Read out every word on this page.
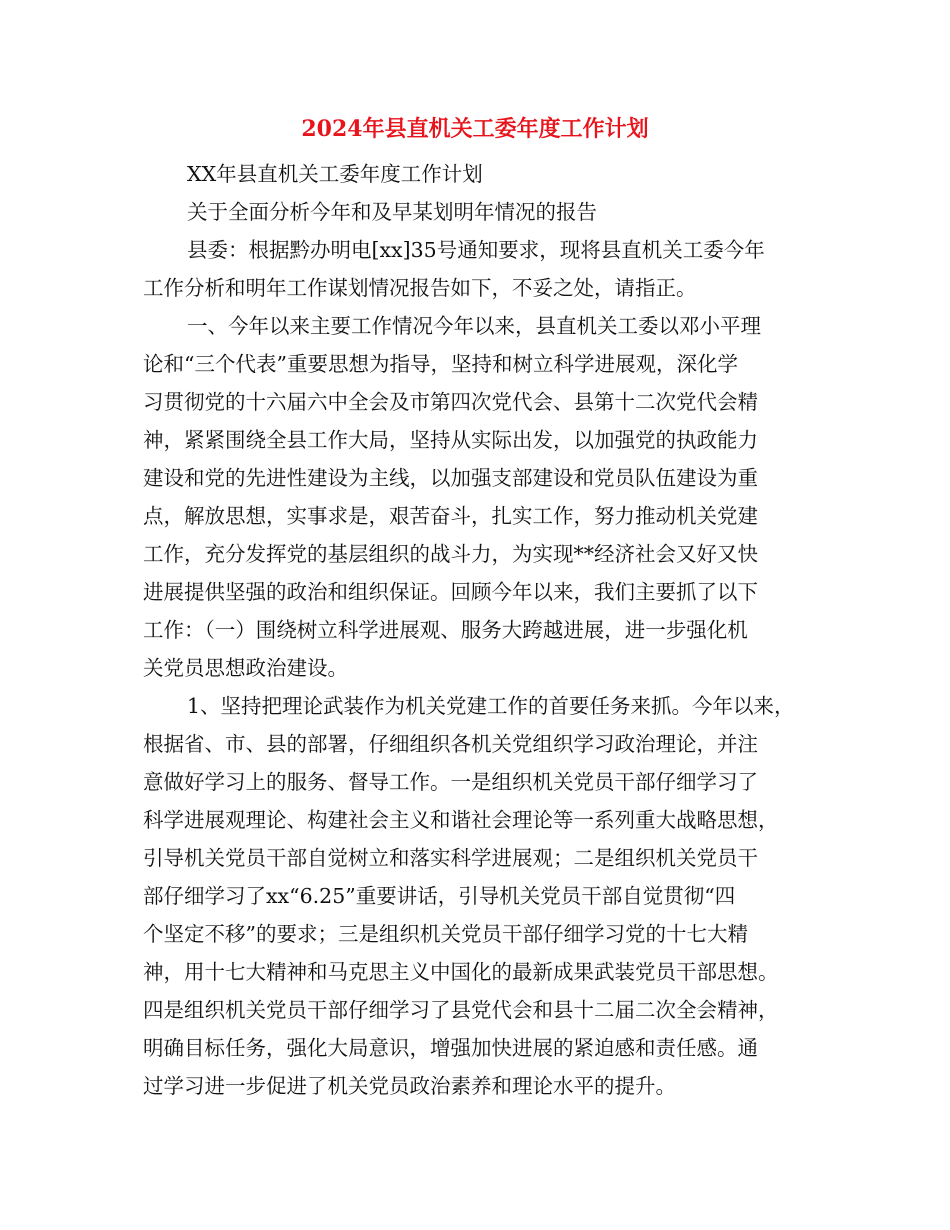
2024年县直机关工委年度工作计划

XX年县直机关工委年度工作计划

关于全面分析今年和及早某划明年情况的报告

县委：根据黔办明电[xx]35号通知要求，现将县直机关工委今年

工作分析和明年工作谋划情况报告如下，不妥之处，请指正。

一、今年以来主要工作情况今年以来，县直机关工委以邓小平理

论和“三个代表”重要思想为指导，坚持和树立科学进展观，深化学

习贯彻党的十六届六中全会及市第四次党代会、县第十二次党代会精

神，紧紧围绕全县工作大局，坚持从实际出发，以加强党的执政能力

建设和党的先进性建设为主线，以加强支部建设和党员队伍建设为重

点，解放思想，实事求是，艰苦奋斗，扎实工作，努力推动机关党建

工作，充分发挥党的基层组织的战斗力，为实现**经济社会又好又快

进展提供坚强的政治和组织保证。回顾今年以来，我们主要抓了以下

工作：（一）围绕树立科学进展观、服务大跨越进展，进一步强化机

关党员思想政治建设。

1、坚持把理论武装作为机关党建工作的首要任务来抓。今年以来，

根据省、市、县的部署，仔细组织各机关党组织学习政治理论，并注

意做好学习上的服务、督导工作。一是组织机关党员干部仔细学习了

科学进展观理论、构建社会主义和谐社会理论等一系列重大战略思想，

引导机关党员干部自觉树立和落实科学进展观；二是组织机关党员干

部仔细学习了xx“6.25”重要讲话，引导机关党员干部自觉贯彻“四

个坚定不移”的要求；三是组织机关党员干部仔细学习党的十七大精

神，用十七大精神和马克思主义中国化的最新成果武装党员干部思想。

四是组织机关党员干部仔细学习了县党代会和县十二届二次全会精神，

明确目标任务，强化大局意识，增强加快进展的紧迫感和责任感。通

过学习进一步促进了机关党员政治素养和理论水平的提升。
